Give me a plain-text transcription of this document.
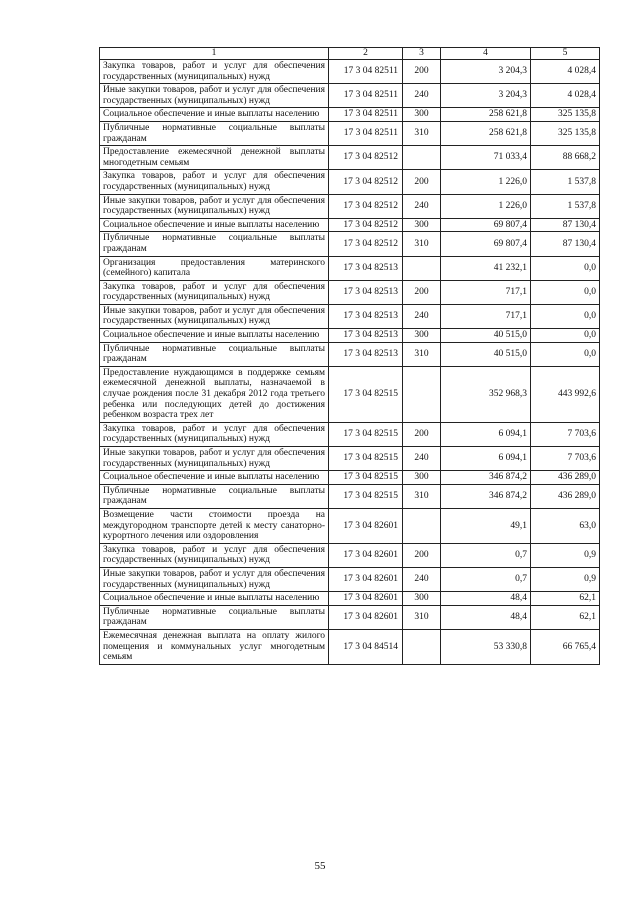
1	2	3	4	5
Закупка товаров, работ и услуг для обеспечения государственных (муниципальных) нужд	17 3 04 82511	200	3 204,3	4 028,4
Иные закупки товаров, работ и услуг для обеспечения государственных (муниципальных) нужд	17 3 04 82511	240	3 204,3	4 028,4
Социальное обеспечение и иные выплаты населению	17 3 04 82511	300	258 621,8	325 135,8
Публичные нормативные социальные выплаты гражданам	17 3 04 82511	310	258 621,8	325 135,8
Предоставление ежемесячной денежной выплаты многодетным семьям	17 3 04 82512		71 033,4	88 668,2
Закупка товаров, работ и услуг для обеспечения государственных (муниципальных) нужд	17 3 04 82512	200	1 226,0	1 537,8
Иные закупки товаров, работ и услуг для обеспечения государственных (муниципальных) нужд	17 3 04 82512	240	1 226,0	1 537,8
Социальное обеспечение и иные выплаты населению	17 3 04 82512	300	69 807,4	87 130,4
Публичные нормативные социальные выплаты гражданам	17 3 04 82512	310	69 807,4	87 130,4
Организация предоставления материнского (семейного) капитала	17 3 04 82513		41 232,1	0,0
Закупка товаров, работ и услуг для обеспечения государственных (муниципальных) нужд	17 3 04 82513	200	717,1	0,0
Иные закупки товаров, работ и услуг для обеспечения государственных (муниципальных) нужд	17 3 04 82513	240	717,1	0,0
Социальное обеспечение и иные выплаты населению	17 3 04 82513	300	40 515,0	0,0
Публичные нормативные социальные выплаты гражданам	17 3 04 82513	310	40 515,0	0,0
Предоставление нуждающимся в поддержке семьям ежемесячной денежной выплаты, назначаемой в случае рождения после 31 декабря 2012 года третьего ребенка или последующих детей до достижения ребенком возраста трех лет	17 3 04 82515		352 968,3	443 992,6
Закупка товаров, работ и услуг для обеспечения государственных (муниципальных) нужд	17 3 04 82515	200	6 094,1	7 703,6
Иные закупки товаров, работ и услуг для обеспечения государственных (муниципальных) нужд	17 3 04 82515	240	6 094,1	7 703,6
Социальное обеспечение и иные выплаты населению	17 3 04 82515	300	346 874,2	436 289,0
Публичные нормативные социальные выплаты гражданам	17 3 04 82515	310	346 874,2	436 289,0
Возмещение части стоимости проезда на междугородном транспорте детей к месту санаторно-курортного лечения или оздоровления	17 3 04 82601		49,1	63,0
Закупка товаров, работ и услуг для обеспечения государственных (муниципальных) нужд	17 3 04 82601	200	0,7	0,9
Иные закупки товаров, работ и услуг для обеспечения государственных (муниципальных) нужд	17 3 04 82601	240	0,7	0,9
Социальное обеспечение и иные выплаты населению	17 3 04 82601	300	48,4	62,1
Публичные нормативные социальные выплаты гражданам	17 3 04 82601	310	48,4	62,1
Ежемесячная денежная выплата на оплату жилого помещения и коммунальных услуг многодетным семьям	17 3 04 84514		53 330,8	66 765,4
55
